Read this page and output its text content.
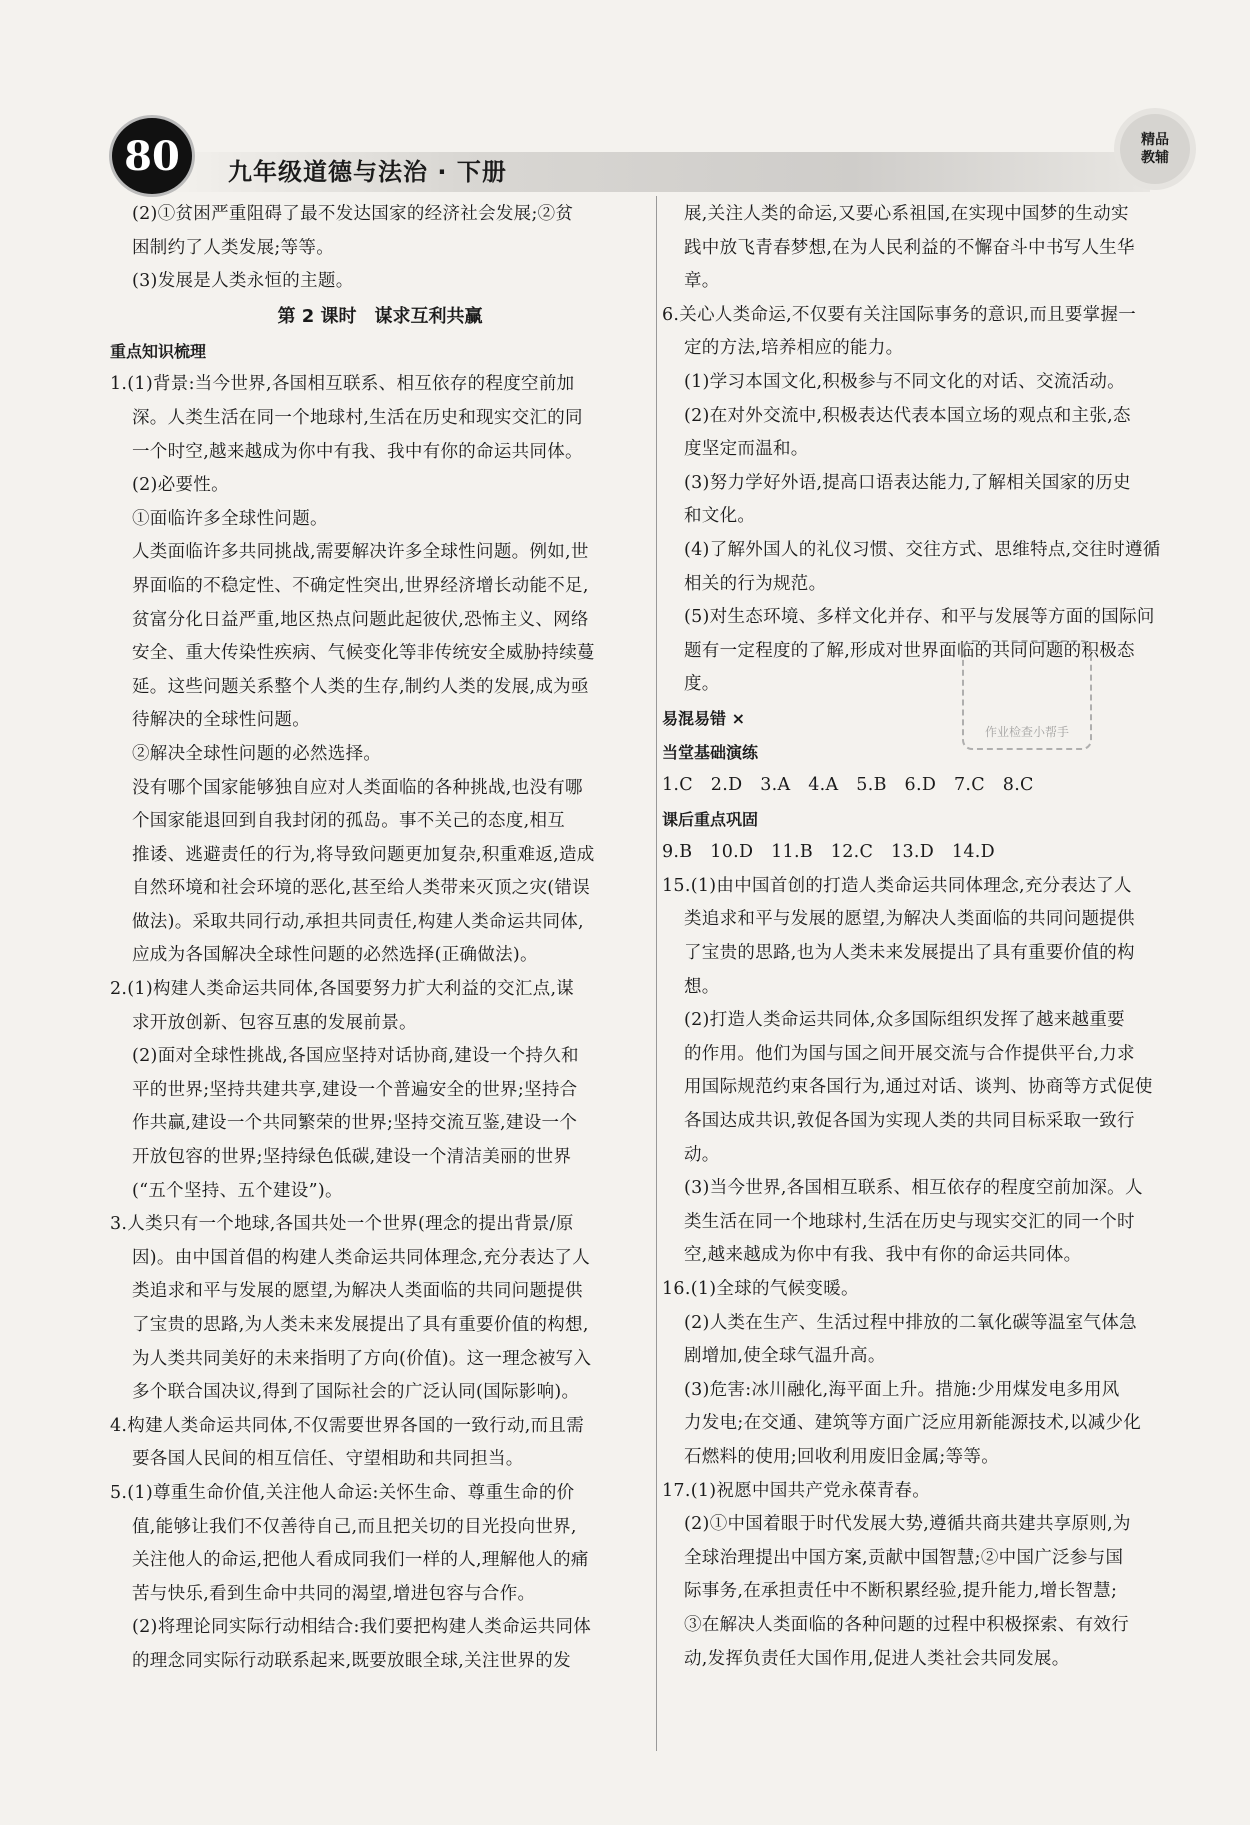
80	九年级道德与法治 · 下册
精品
教辅
(2)①贫困严重阻碍了最不发达国家的经济社会发展;②贫
困制约了人类发展;等等。
(3)发展是人类永恒的主题。
第 2 课时　谋求互利共赢
重点知识梳理
1.(1)背景:当今世界,各国相互联系、相互依存的程度空前加
深。人类生活在同一个地球村,生活在历史和现实交汇的同
一个时空,越来越成为你中有我、我中有你的命运共同体。
(2)必要性。
①面临许多全球性问题。
人类面临许多共同挑战,需要解决许多全球性问题。例如,世
界面临的不稳定性、不确定性突出,世界经济增长动能不足,
贫富分化日益严重,地区热点问题此起彼伏,恐怖主义、网络
安全、重大传染性疾病、气候变化等非传统安全威胁持续蔓
延。这些问题关系整个人类的生存,制约人类的发展,成为亟
待解决的全球性问题。
②解决全球性问题的必然选择。
没有哪个国家能够独自应对人类面临的各种挑战,也没有哪
个国家能退回到自我封闭的孤岛。事不关己的态度,相互
推诿、逃避责任的行为,将导致问题更加复杂,积重难返,造成
自然环境和社会环境的恶化,甚至给人类带来灭顶之灾(错误
做法)。采取共同行动,承担共同责任,构建人类命运共同体,
应成为各国解决全球性问题的必然选择(正确做法)。
2.(1)构建人类命运共同体,各国要努力扩大利益的交汇点,谋
求开放创新、包容互惠的发展前景。
(2)面对全球性挑战,各国应坚持对话协商,建设一个持久和
平的世界;坚持共建共享,建设一个普遍安全的世界;坚持合
作共赢,建设一个共同繁荣的世界;坚持交流互鉴,建设一个
开放包容的世界;坚持绿色低碳,建设一个清洁美丽的世界
(“五个坚持、五个建设”)。
3.人类只有一个地球,各国共处一个世界(理念的提出背景/原
因)。由中国首倡的构建人类命运共同体理念,充分表达了人
类追求和平与发展的愿望,为解决人类面临的共同问题提供
了宝贵的思路,为人类未来发展提出了具有重要价值的构想,
为人类共同美好的未来指明了方向(价值)。这一理念被写入
多个联合国决议,得到了国际社会的广泛认同(国际影响)。
4.构建人类命运共同体,不仅需要世界各国的一致行动,而且需
要各国人民间的相互信任、守望相助和共同担当。
5.(1)尊重生命价值,关注他人命运:关怀生命、尊重生命的价
值,能够让我们不仅善待自己,而且把关切的目光投向世界,
关注他人的命运,把他人看成同我们一样的人,理解他人的痛
苦与快乐,看到生命中共同的渴望,增进包容与合作。
(2)将理论同实际行动相结合:我们要把构建人类命运共同体
的理念同实际行动联系起来,既要放眼全球,关注世界的发
展,关注人类的命运,又要心系祖国,在实现中国梦的生动实
践中放飞青春梦想,在为人民利益的不懈奋斗中书写人生华
章。
6.关心人类命运,不仅要有关注国际事务的意识,而且要掌握一
定的方法,培养相应的能力。
(1)学习本国文化,积极参与不同文化的对话、交流活动。
(2)在对外交流中,积极表达代表本国立场的观点和主张,态
度坚定而温和。
(3)努力学好外语,提高口语表达能力,了解相关国家的历史
和文化。
(4)了解外国人的礼仪习惯、交往方式、思维特点,交往时遵循
相关的行为规范。
(5)对生态环境、多样文化并存、和平与发展等方面的国际问
题有一定程度的了解,形成对世界面临的共同问题的积极态
度。
易混易错 ×
当堂基础演练
1.C　2.D　3.A　4.A　5.B　6.D　7.C　8.C
课后重点巩固
9.B　10.D　11.B　12.C　13.D　14.D
15.(1)由中国首创的打造人类命运共同体理念,充分表达了人
类追求和平与发展的愿望,为解决人类面临的共同问题提供
了宝贵的思路,也为人类未来发展提出了具有重要价值的构
想。
(2)打造人类命运共同体,众多国际组织发挥了越来越重要
的作用。他们为国与国之间开展交流与合作提供平台,力求
用国际规范约束各国行为,通过对话、谈判、协商等方式促使
各国达成共识,敦促各国为实现人类的共同目标采取一致行
动。
(3)当今世界,各国相互联系、相互依存的程度空前加深。人
类生活在同一个地球村,生活在历史与现实交汇的同一个时
空,越来越成为你中有我、我中有你的命运共同体。
16.(1)全球的气候变暖。
(2)人类在生产、生活过程中排放的二氧化碳等温室气体急
剧增加,使全球气温升高。
(3)危害:冰川融化,海平面上升。措施:少用煤发电多用风
力发电;在交通、建筑等方面广泛应用新能源技术,以减少化
石燃料的使用;回收利用废旧金属;等等。
17.(1)祝愿中国共产党永葆青春。
(2)①中国着眼于时代发展大势,遵循共商共建共享原则,为
全球治理提出中国方案,贡献中国智慧;②中国广泛参与国
际事务,在承担责任中不断积累经验,提升能力,增长智慧;
③在解决人类面临的各种问题的过程中积极探索、有效行
动,发挥负责任大国作用,促进人类社会共同发展。
作业检查小帮手
